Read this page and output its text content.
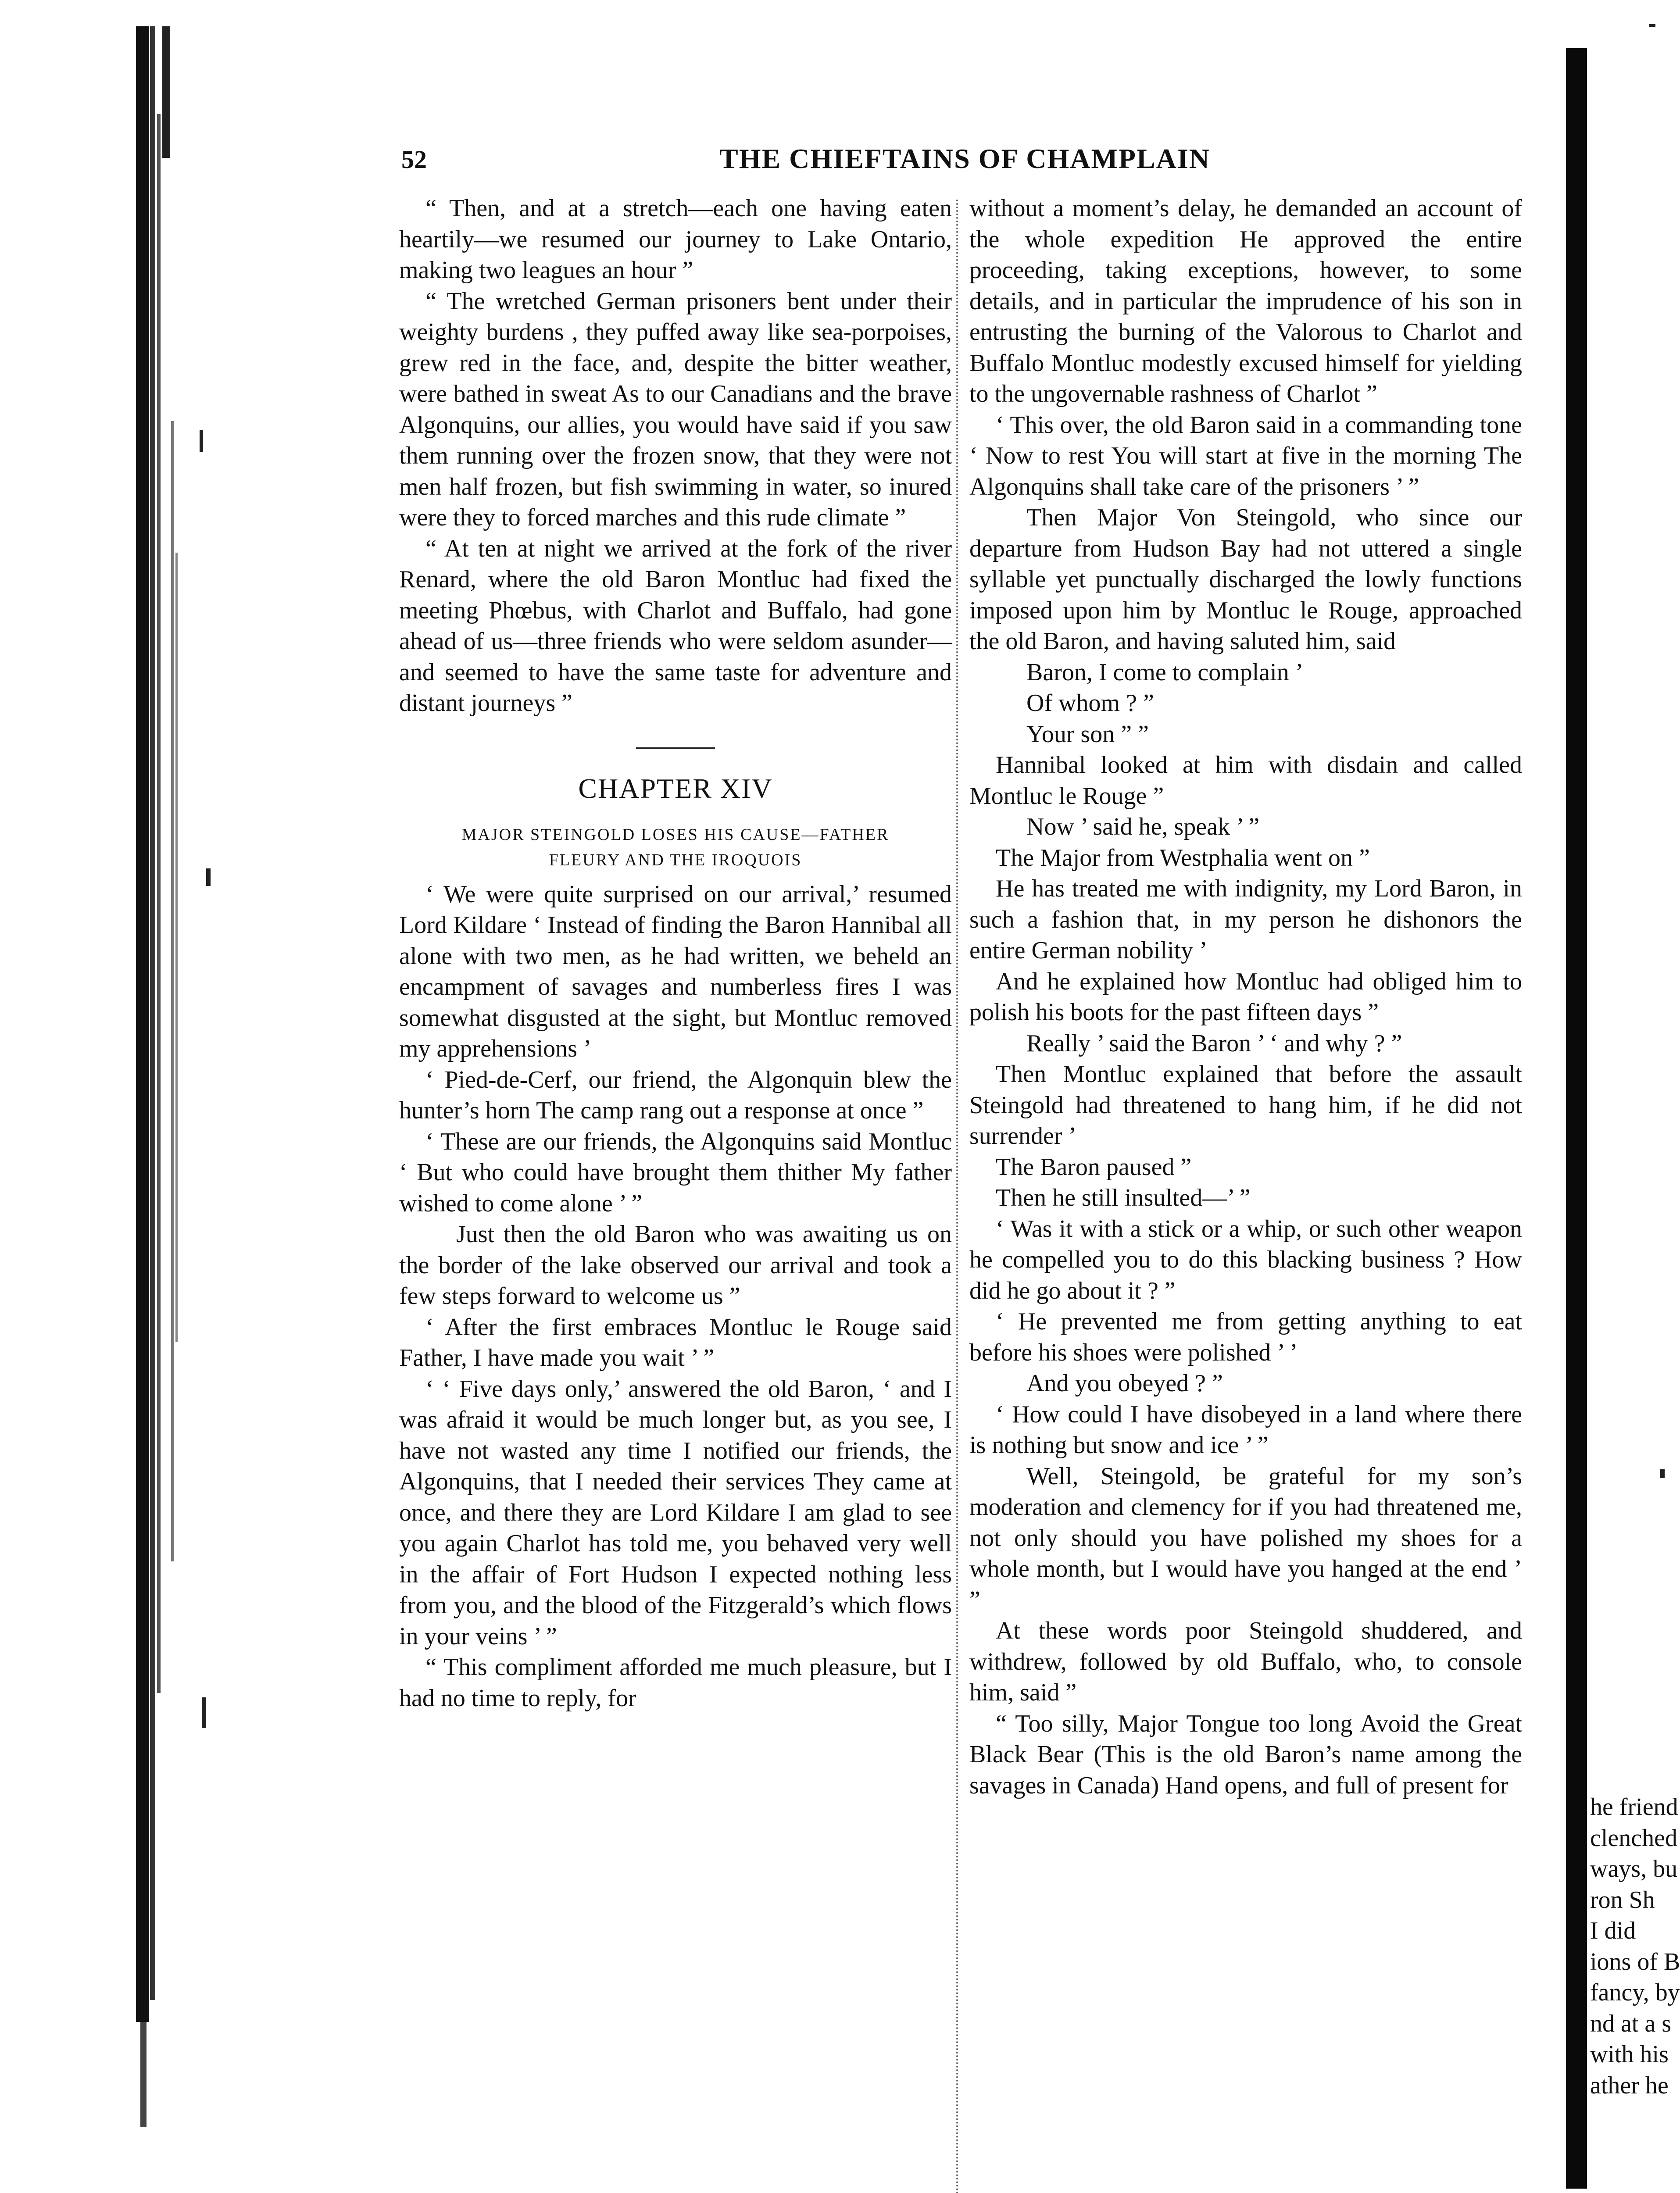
52	THE CHIEFTAINS OF CHAMPLAIN

“ Then, and at a stretch—each one having eaten heartily—we resumed our journey to Lake Ontario, making two leagues an hour ”

“ The wretched German prisoners bent under their weighty burdens , they puffed away like sea-porpoises, grew red in the face, and, despite the bitter weather, were bathed in sweat As to our Canadians and the brave Algonquins, our allies, you would have said if you saw them running over the frozen snow, that they were not men half frozen, but fish swimming in water, so inured were they to forced marches and this rude climate ”

“ At ten at night we arrived at the fork of the river Renard, where the old Baron Montluc had fixed the meeting Phœbus, with Charlot and Buffalo, had gone ahead of us—three friends who were seldom asunder—and seemed to have the same taste for adventure and distant journeys ”

CHAPTER XIV
MAJOR STEINGOLD LOSES HIS CAUSE—FATHER
FLEURY AND THE IROQUOIS

‘ We were quite surprised on our arrival,’ resumed Lord Kildare ‘ Instead of finding the Baron Hannibal all alone with two men, as he had written, we beheld an encampment of savages and numberless fires I was somewhat disgusted at the sight, but Montluc removed my apprehensions ’

‘ Pied-de-Cerf, our friend, the Algonquin blew the hunter’s horn The camp rang out a response at once ”

‘ These are our friends, the Algonquins said Montluc ‘ But who could have brought them thither My father wished to come alone ’ ”

Just then the old Baron who was awaiting us on the border of the lake observed our arrival and took a few steps forward to welcome us ”

‘ After the first embraces Montluc le Rouge said Father, I have made you wait ’ ”

‘ ‘ Five days only,’ answered the old Baron, ‘ and I was afraid it would be much longer but, as you see, I have not wasted any time I notified our friends, the Algonquins, that I needed their services They came at once, and there they are Lord Kildare I am glad to see you again Charlot has told me, you behaved very well in the affair of Fort Hudson I expected nothing less from you, and the blood of the Fitzgerald’s which flows in your veins ’ ”

“ This compliment afforded me much pleasure, but I had no time to reply, for

without a moment’s delay, he demanded an account of the whole expedition He approved the entire proceeding, taking exceptions, however, to some details, and in particular the imprudence of his son in entrusting the burning of the Valorous to Charlot and Buffalo Montluc modestly excused himself for yielding to the ungovernable rashness of Charlot ”

‘ This over, the old Baron said in a commanding tone ‘ Now to rest You will start at five in the morning The Algonquins shall take care of the prisoners ’ ”

Then Major Von Steingold, who since our departure from Hudson Bay had not uttered a single syllable yet punctually discharged the lowly functions imposed upon him by Montluc le Rouge, approached the old Baron, and having saluted him, said

Baron, I come to complain ’

Of whom ? ”

Your son ” ”

Hannibal looked at him with disdain and called Montluc le Rouge ”

Now ’ said he, speak ’ ”

The Major from Westphalia went on ”

He has treated me with indignity, my Lord Baron, in such a fashion that, in my person he dishonors the entire German nobility ’

And he explained how Montluc had obliged him to polish his boots for the past fifteen days ”

Really ’ said the Baron ’ ‘ and why ? ”

Then Montluc explained that before the assault Steingold had threatened to hang him, if he did not surrender ’

The Baron paused ”

Then he still insulted—’ ”

‘ Was it with a stick or a whip, or such other weapon he compelled you to do this blacking business ? How did he go about it ? ”

‘ He prevented me from getting anything to eat before his shoes were polished ’ ’

And you obeyed ? ”

‘ How could I have disobeyed in a land where there is nothing but snow and ice ’ ”

Well, Steingold, be grateful for my son’s moderation and clemency for if you had threatened me, not only should you have polished my shoes for a whole month, but I would have you hanged at the end ’ ”

At these words poor Steingold shuddered, and withdrew, followed by old Buffalo, who, to console him, said ”

“ Too silly, Major Tongue too long Avoid the Great Black Bear (This is the old Baron’s name among the savages in Canada) Hand opens, and full of present for

he friend
clenched
ways, bu
ron Sh
I did
ions of B
fancy, by
nd at a s
with his
ather he
